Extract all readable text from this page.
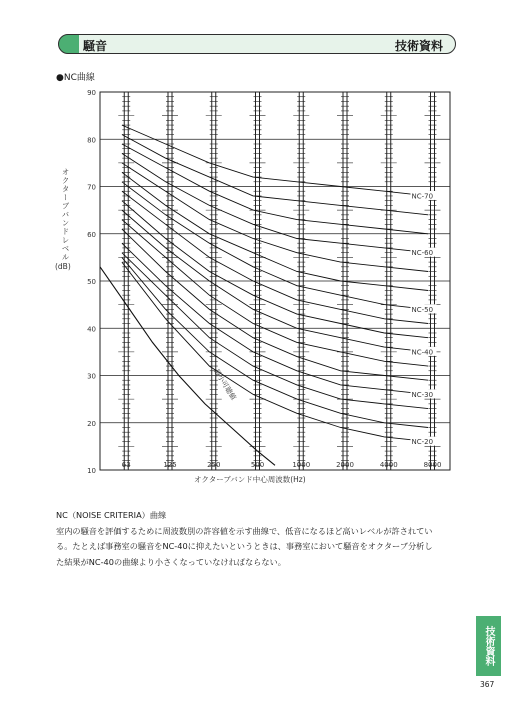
騒音	技術資料
●NC曲線
オクターブバンドレベル
(dB)
10
20
30
40
50
60
70
80
90
63	125	250	500	1000	2000	4000	8000
NC-70
NC-60
NC-50
NC-40
NC-30
NC-20
最小可聴値
オクターブバンド中心周波数(Hz)

NC（NOISE CRITERIA）曲線

室内の騒音を評価するために周波数別の許容値を示す曲線で、低音になるほど高いレベルが許されてい

る。たとえば事務室の騒音をNC-40に抑えたいというときは、事務室において騒音をオクターブ分析し

た結果がNC-40の曲線より小さくなっていなければならない。

技術資料
367
